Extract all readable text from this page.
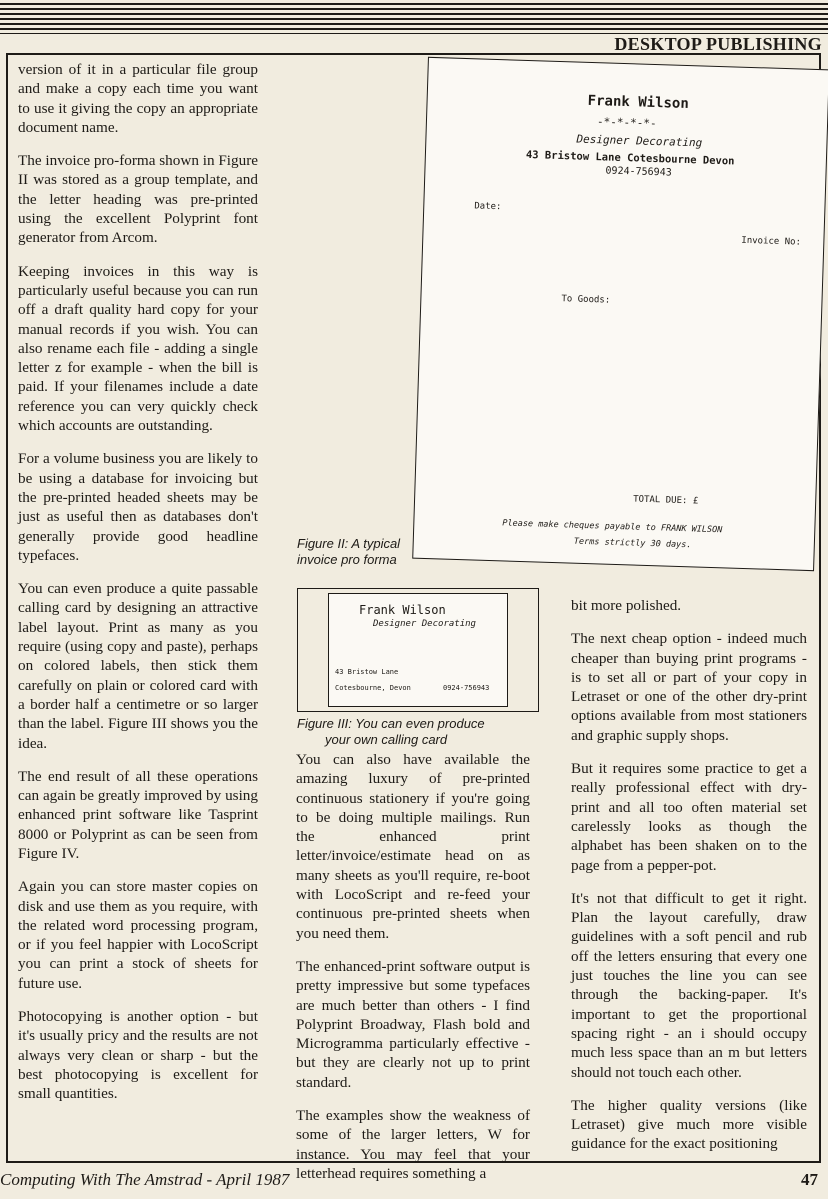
DESKTOP PUBLISHING

version of it in a particular file group and make a copy each time you want to use it giving the copy an appropriate document name.

The invoice pro-forma shown in Figure II was stored as a group template, and the letter heading was pre-printed using the excellent Polyprint font generator from Arcom.

Keeping invoices in this way is particularly useful because you can run off a draft quality hard copy for your manual records if you wish. You can also rename each file - adding a single letter z for example - when the bill is paid. If your filenames include a date reference you can very quickly check which accounts are outstanding.

For a volume business you are likely to be using a database for invoicing but the pre-printed headed sheets may be just as useful then as databases don't generally provide good headline typefaces.

You can even produce a quite passable calling card by designing an attractive label layout. Print as many as you require (using copy and paste), perhaps on colored labels, then stick them carefully on plain or colored card with a border half a centimetre or so larger than the label. Figure III shows you the idea.

The end result of all these operations can again be greatly improved by using enhanced print software like Tasprint 8000 or Polyprint as can be seen from Figure IV.

Again you can store master copies on disk and use them as you require, with the related word processing program, or if you feel happier with LocoScript you can print a stock of sheets for future use.

Photocopying is another option - but it's usually pricy and the results are not always very clean or sharp - but the best photocopying is excellent for small quantities.

Frank Wilson
-*-*-*-*-
Designer Decorating
43 Bristow Lane Cotesbourne Devon
0924-756943
Date:
Invoice No:
To Goods:
TOTAL DUE: £
Please make cheques payable to FRANK WILSON
Terms strictly 30 days.
Figure II: A typical
invoice pro forma
Frank Wilson
Designer Decorating
43 Bristow Lane
Cotesbourne, Devon	0924-756943
Figure III: You can even produce
your own calling card

You can also have available the amazing luxury of pre-printed continuous stationery if you're going to be doing multiple mailings. Run the enhanced print letter/invoice/estimate head on as many sheets as you'll require, re-boot with LocoScript and re-feed your continuous pre-printed sheets when you need them.

The enhanced-print software output is pretty impressive but some typefaces are much better than others - I find Polyprint Broadway, Flash bold and Microgramma particularly effective - but they are clearly not up to print standard.

The examples show the weakness of some of the larger letters, W for instance. You may feel that your letterhead requires something a

bit more polished.

The next cheap option - indeed much cheaper than buying print programs - is to set all or part of your copy in Letraset or one of the other dry-print options available from most stationers and graphic supply shops.

But it requires some practice to get a really professional effect with dry-print and all too often material set carelessly looks as though the alphabet has been shaken on to the page from a pepper-pot.

It's not that difficult to get it right. Plan the layout carefully, draw guidelines with a soft pencil and rub off the letters ensuring that every one just touches the line you can see through the backing-paper. It's important to get the proportional spacing right - an i should occupy much less space than an m but letters should not touch each other.

The higher quality versions (like Letraset) give much more visible guidance for the exact positioning

Computing With The Amstrad - April 1987	47
